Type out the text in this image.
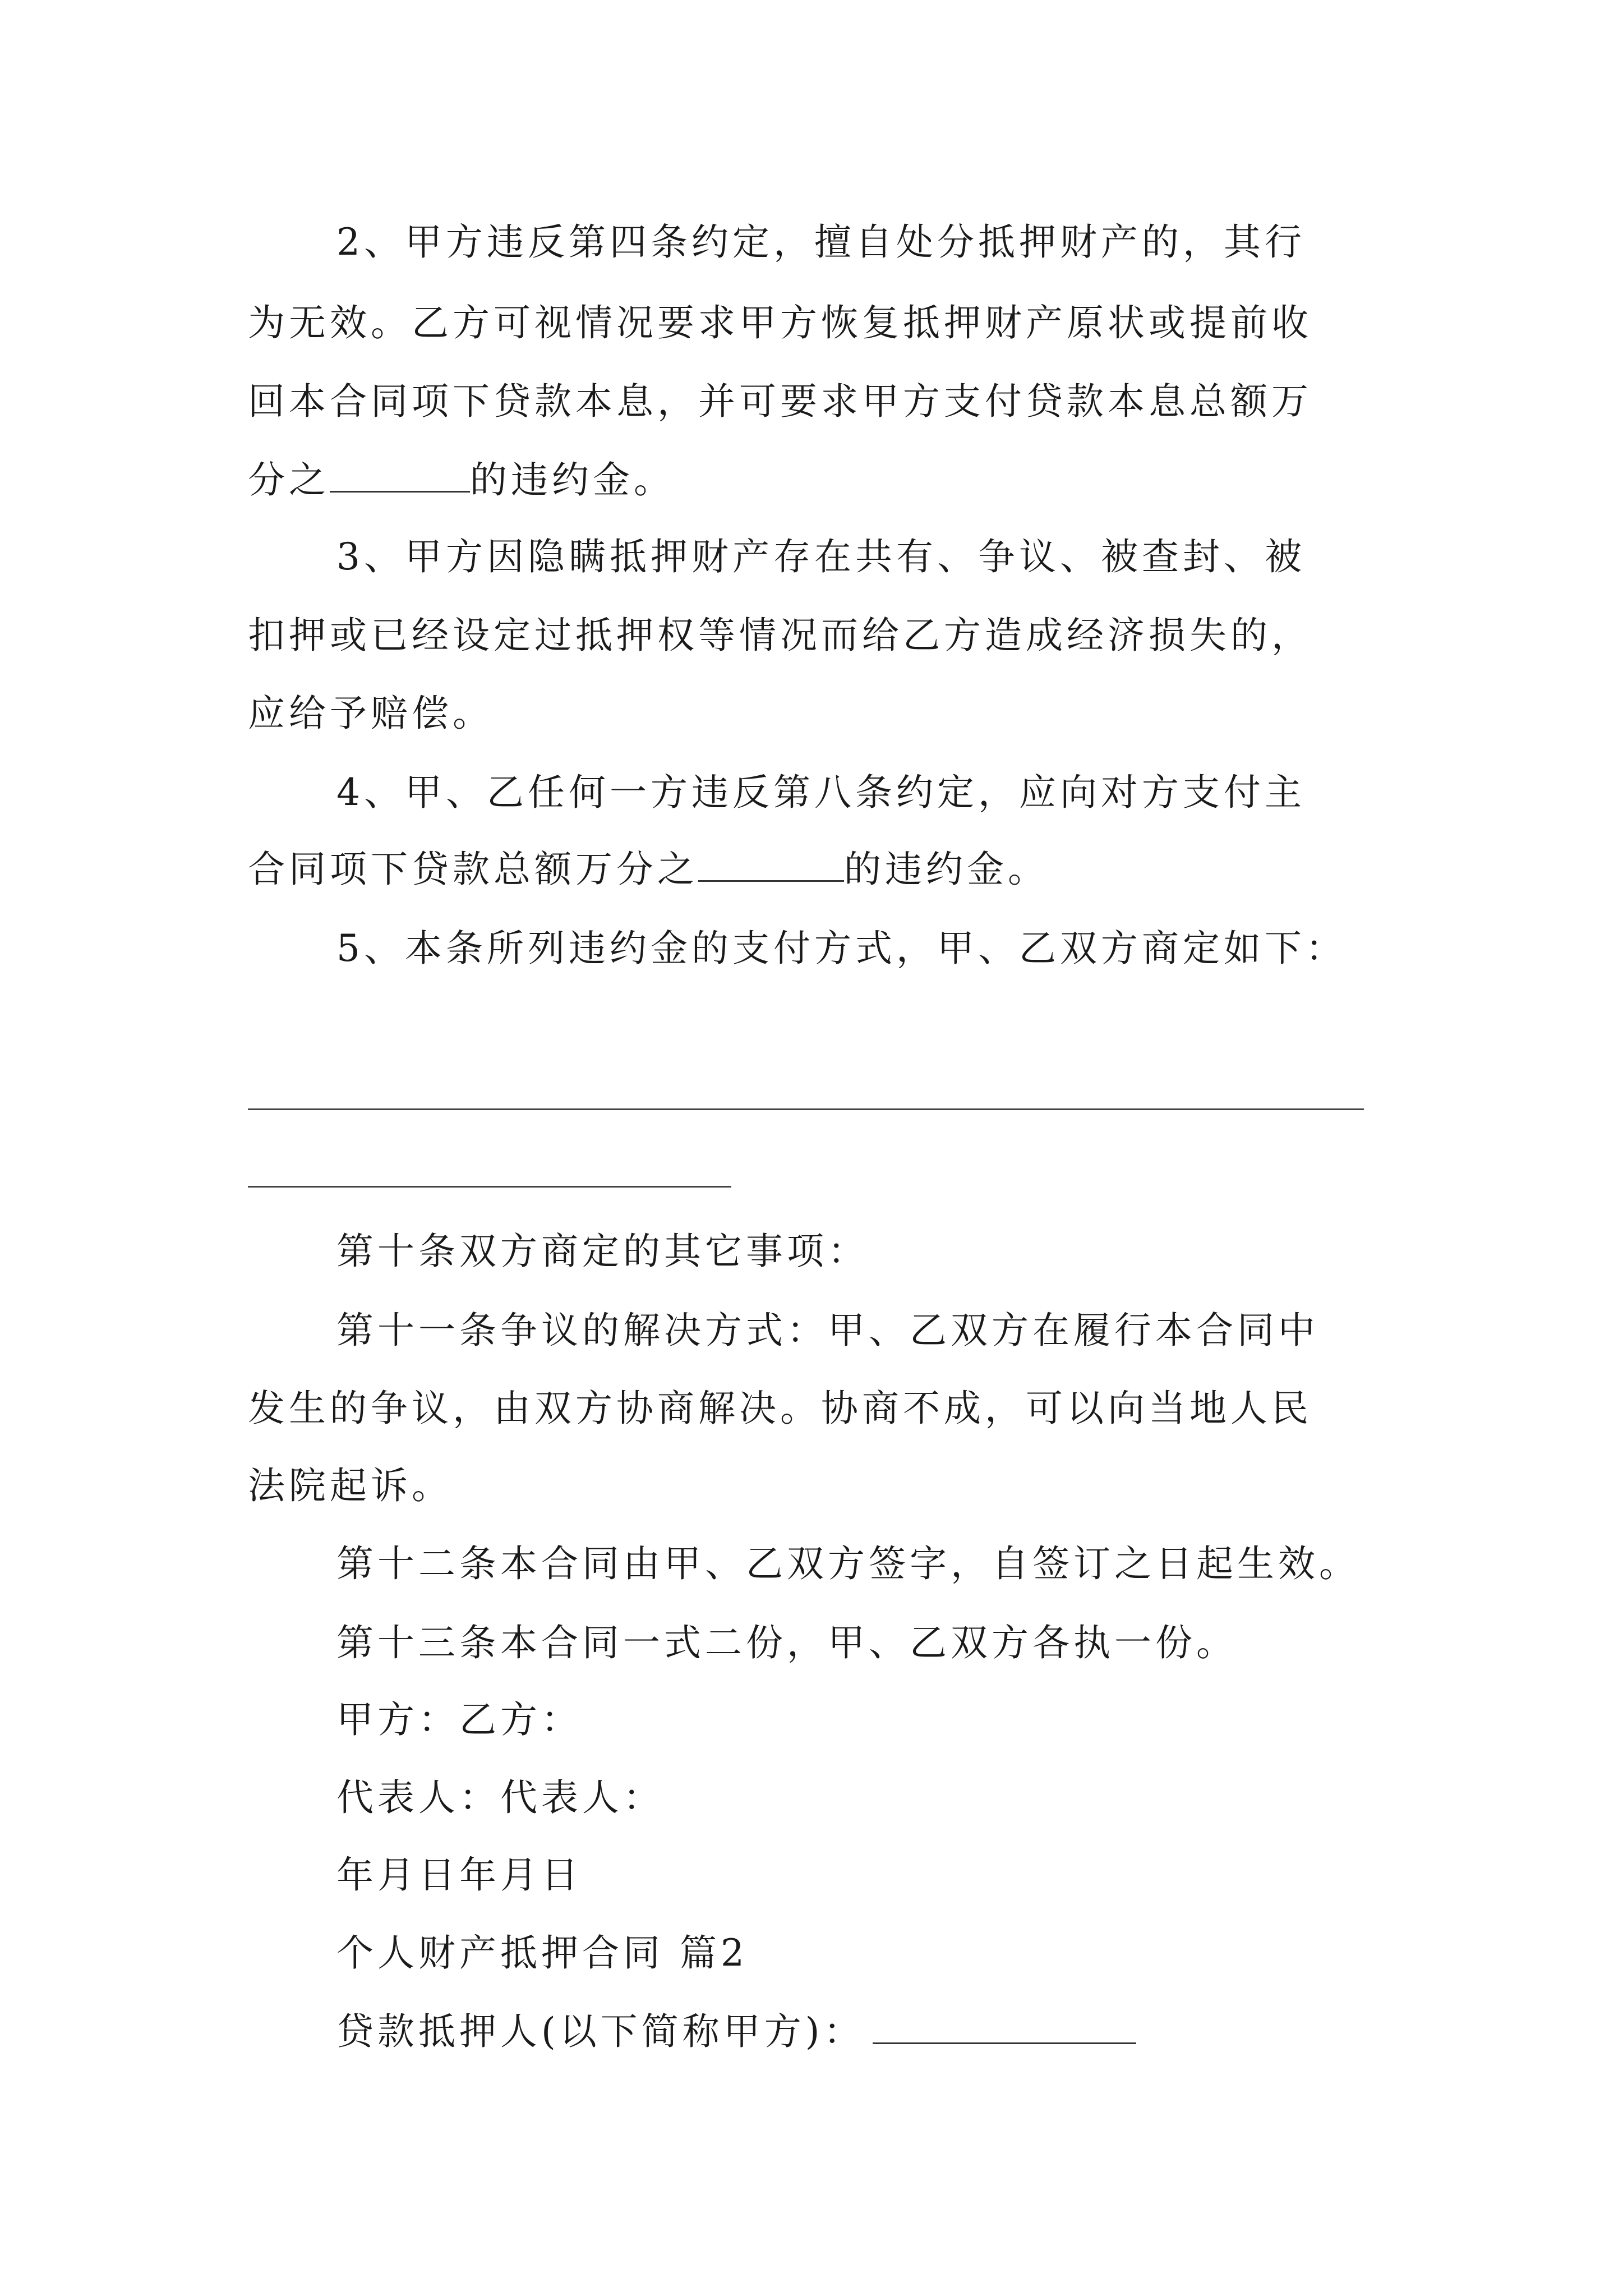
2、甲方违反第四条约定，擅自处分抵押财产的，其行
为无效。乙方可视情况要求甲方恢复抵押财产原状或提前收
回本合同项下贷款本息，并可要求甲方支付贷款本息总额万
分之	的违约金。
3、甲方因隐瞒抵押财产存在共有、争议、被查封、被
扣押或已经设定过抵押权等情况而给乙方造成经济损失的，
应给予赔偿。
4、甲、乙任何一方违反第八条约定，应向对方支付主
合同项下贷款总额万分之	的违约金。
5、本条所列违约金的支付方式，甲、乙双方商定如下：
第十条双方商定的其它事项：
第十一条争议的解决方式：甲、乙双方在履行本合同中
发生的争议，由双方协商解决。协商不成，可以向当地人民
法院起诉。
第十二条本合同由甲、乙双方签字，自签订之日起生效。
第十三条本合同一式二份，甲、乙双方各执一份。
甲方：乙方：
代表人：代表人：
年月日年月日
个人财产抵押合同 篇2
贷款抵押人(以下简称甲方)：
